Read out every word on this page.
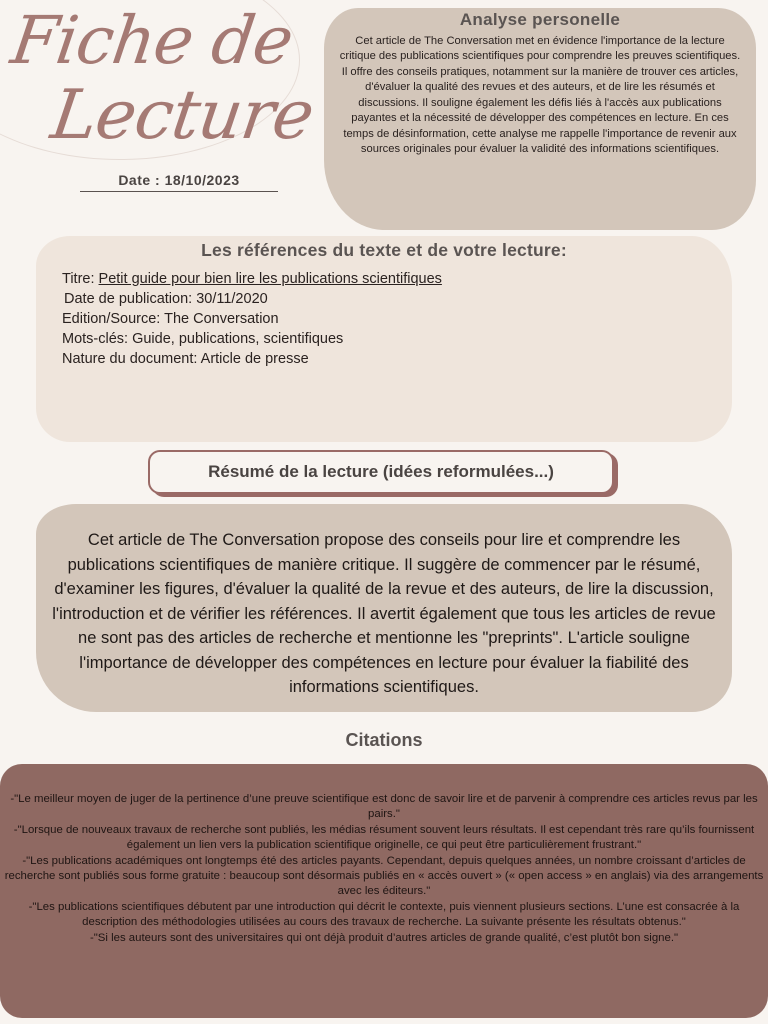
Fiche de
Lecture
Date : 18/10/2023
Analyse personelle

Cet article de The Conversation met en évidence l'importance de la lecture critique des publications scientifiques pour comprendre les preuves scientifiques. Il offre des conseils pratiques, notamment sur la manière de trouver ces articles, d'évaluer la qualité des revues et des auteurs, et de lire les résumés et discussions. Il souligne également les défis liés à l'accès aux publications payantes et la nécessité de développer des compétences en lecture. En ces temps de désinformation, cette analyse me rappelle l'importance de revenir aux sources originales pour évaluer la validité des informations scientifiques.

Les références du texte et de votre lecture:
Titre: Petit guide pour bien lire les publications scientifiques
Date de publication: 30/11/2020
Edition/Source: The Conversation
Mots-clés: Guide, publications, scientifiques
Nature du document: Article de presse
Résumé de la lecture (idées reformulées...)

Cet article de The Conversation propose des conseils pour lire et comprendre les publications scientifiques de manière critique. Il suggère de commencer par le résumé, d'examiner les figures, d'évaluer la qualité de la revue et des auteurs, de lire la discussion, l'introduction et de vérifier les références. Il avertit également que tous les articles de revue ne sont pas des articles de recherche et mentionne les "preprints". L'article souligne l'importance de développer des compétences en lecture pour évaluer la fiabilité des informations scientifiques.

Citations

-"Le meilleur moyen de juger de la pertinence d’une preuve scientifique est donc de savoir lire et de parvenir à comprendre ces articles revus par les pairs."

-"Lorsque de nouveaux travaux de recherche sont publiés, les médias résument souvent leurs résultats. Il est cependant très rare qu’ils fournissent également un lien vers la publication scientifique originelle, ce qui peut être particulièrement frustrant."

-"Les publications académiques ont longtemps été des articles payants. Cependant, depuis quelques années, un nombre croissant d’articles de recherche sont publiés sous forme gratuite : beaucoup sont désormais publiés en « accès ouvert » (« open access » en anglais) via des arrangements avec les éditeurs."

-"Les publications scientifiques débutent par une introduction qui décrit le contexte, puis viennent plusieurs sections. L’une est consacrée à la description des méthodologies utilisées au cours des travaux de recherche. La suivante présente les résultats obtenus."

-"Si les auteurs sont des universitaires qui ont déjà produit d’autres articles de grande qualité, c’est plutôt bon signe."
